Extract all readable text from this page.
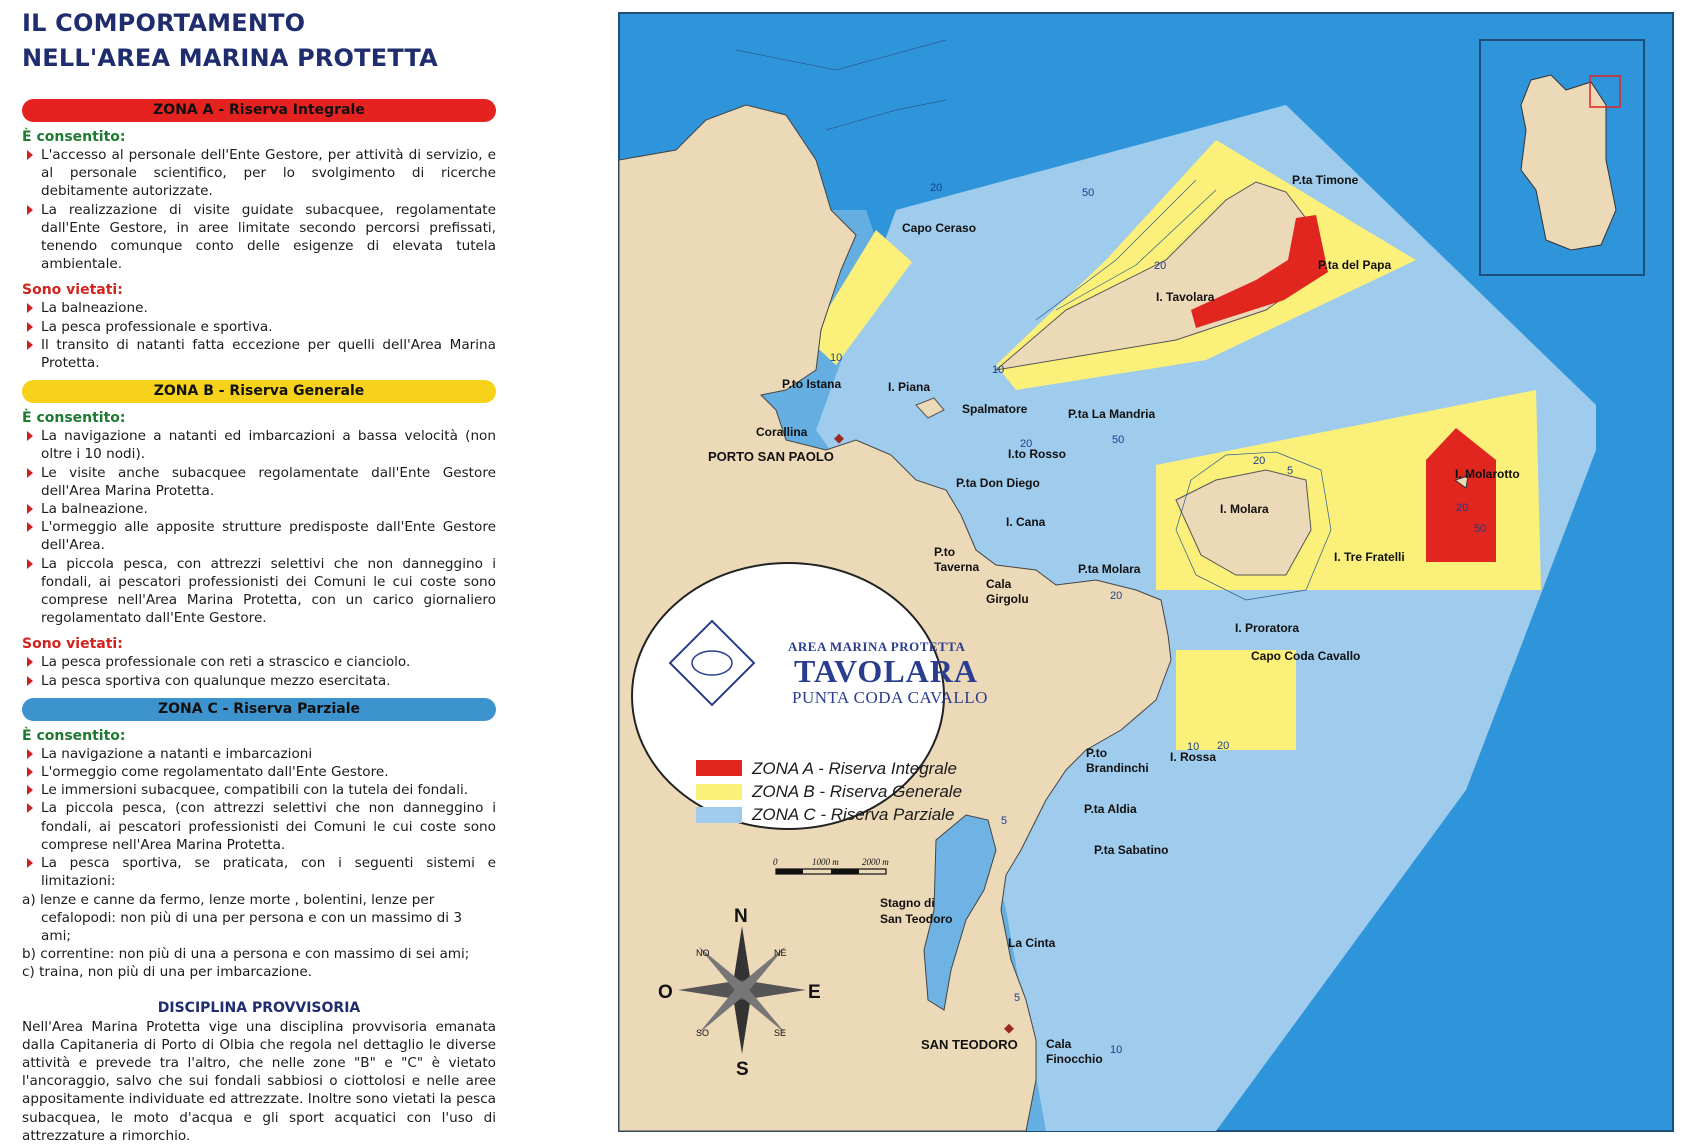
IL COMPORTAMENTO
NELL'AREA MARINA PROTETTA
ZONA A - Riserva Integrale

È consentito:

L'accesso al personale dell'Ente Gestore, per attività di servizio, e al personale scientifico, per lo svolgimento di ricerche debitamente autorizzate.
La realizzazione di visite guidate subacquee, regolamentate dall'Ente Gestore, in aree limitate secondo percorsi prefissati, tenendo comunque conto delle esigenze di elevata tutela ambientale.

Sono vietati:

La balneazione.
La pesca professionale e sportiva.
Il transito di natanti fatta eccezione per quelli dell'Area Marina Protetta.
ZONA B - Riserva Generale

È consentito:

La navigazione a natanti ed imbarcazioni a bassa velocità (non oltre i 10 nodi).
Le visite anche subacquee regolamentate dall'Ente Gestore dell'Area Marina Protetta.
La balneazione.
L'ormeggio alle apposite strutture predisposte dall'Ente Gestore dell'Area.
La piccola pesca, con attrezzi selettivi che non danneggino i fondali, ai pescatori professionisti dei Comuni le cui coste sono comprese nell'Area Marina Protetta, con un carico giornaliero regolamentato dall'Ente Gestore.

Sono vietati:

La pesca professionale con reti a strascico e cianciolo.
La pesca sportiva con qualunque mezzo esercitata.
ZONA C - Riserva Parziale

È consentito:

La navigazione a natanti e imbarcazioni
L'ormeggio come regolamentato dall'Ente Gestore.
Le immersioni subacquee, compatibili con la tutela dei fondali.
La piccola pesca, (con attrezzi selettivi che non danneggino i fondali, ai pescatori professionisti dei Comuni le cui coste sono comprese nell'Area Marina Protetta.
La pesca sportiva, se praticata, con i seguenti sistemi e limitazioni:
a) lenze e canne da fermo, lenze morte , bolentini, lenze per cefalopodi: non più di una per persona e con un massimo di 3 ami;
b) correntine: non più di una a persona e con massimo di sei ami;
c) traina, non più di una per imbarcazione.
DISCIPLINA PROVVISORIA

Nell'Area Marina Protetta vige una disciplina provvisoria emanata dalla Capitaneria di Porto di Olbia che regola nel dettaglio le diverse attività e prevede tra l'altro, che nelle zone "B" e "C" è vietato l'ancoraggio, salvo che sui fondali sabbiosi o ciottolosi e nelle aree appositamente individuate ed attrezzate. Inoltre sono vietati la pesca subacquea, le moto d'acqua e gli sport acquatici con l'uso di attrezzature a rimorchio.

Capo Ceraso
P.ta Timone
P.ta del Papa
I. Tavolara
P.to Istana	I. Piana
Spalmatore	P.ta La Mandria
Corallina
PORTO SAN PAOLO	I.to Rosso
P.ta Don Diego
I. Molara
I. Molarotto
I. Cana
P.to
Taverna
Cala
Girgolu
P.ta Molara
I. Tre Fratelli
I. Proratora
Capo Coda Cavallo
P.to
Brandinchi
I. Rossa
P.ta Aldia
P.ta Sabatino
Stagno di
San Teodoro
La Cinta
SAN TEODORO Cala
Finocchio
20	50
20
10
10
20	50
20
5
20
20
50
10 20
5
10
5
AREA MARINA PROTETTA
TAVOLARA
PUNTA CODA CAVALLO
ZONA A - Riserva Integrale
ZONA B - Riserva Generale
ZONA C - Riserva Parziale
0	1000 m	2000 m
N
S
E
O
NE
NO
SE
SO
